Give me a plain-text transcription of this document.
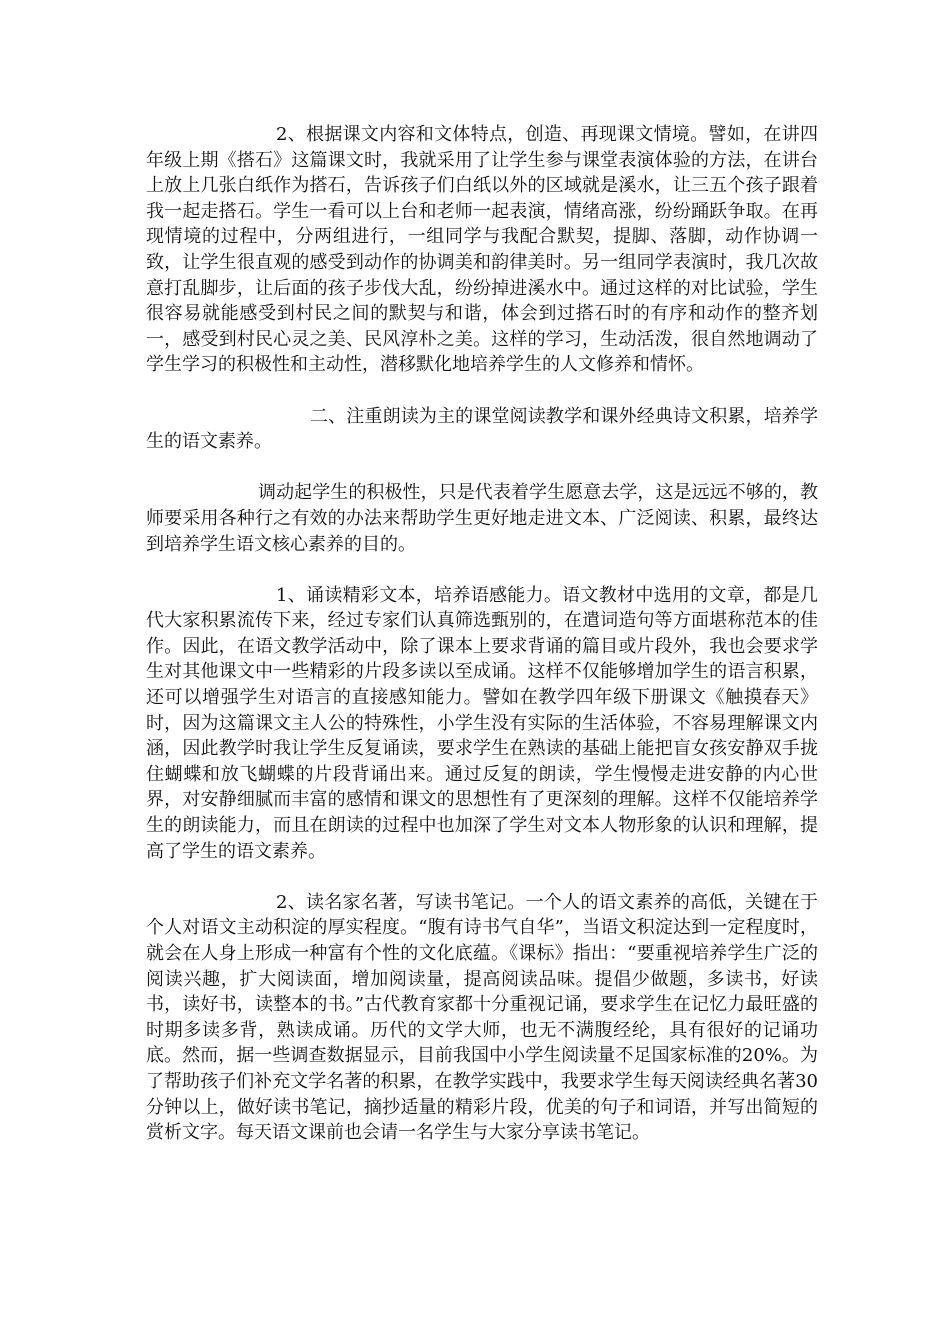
2、根据课文内容和文体特点，创造、再现课文情境。譬如，在讲四年级上期《搭石》这篇课文时，我就采用了让学生参与课堂表演体验的方法，在讲台上放上几张白纸作为搭石，告诉孩子们白纸以外的区域就是溪水，让三五个孩子跟着我一起走搭石。学生一看可以上台和老师一起表演，情绪高涨，纷纷踊跃争取。在再现情境的过程中，分两组进行，一组同学与我配合默契，提脚、落脚，动作协调一致，让学生很直观的感受到动作的协调美和韵律美时。另一组同学表演时，我几次故意打乱脚步，让后面的孩子步伐大乱，纷纷掉进溪水中。通过这样的对比试验，学生很容易就能感受到村民之间的默契与和谐，体会到过搭石时的有序和动作的整齐划一，感受到村民心灵之美、民风淳朴之美。这样的学习，生动活泼，很自然地调动了学生学习的积极性和主动性，潜移默化地培养学生的人文修养和情怀。

二、注重朗读为主的课堂阅读教学和课外经典诗文积累，培养学生的语文素养。

调动起学生的积极性，只是代表着学生愿意去学，这是远远不够的，教师要采用各种行之有效的办法来帮助学生更好地走进文本、广泛阅读、积累，最终达到培养学生语文核心素养的目的。

1、诵读精彩文本，培养语感能力。语文教材中选用的文章，都是几代大家积累流传下来，经过专家们认真筛选甄别的，在遣词造句等方面堪称范本的佳作。因此，在语文教学活动中，除了课本上要求背诵的篇目或片段外，我也会要求学生对其他课文中一些精彩的片段多读以至成诵。这样不仅能够增加学生的语言积累，还可以增强学生对语言的直接感知能力。譬如在教学四年级下册课文《触摸春天》时，因为这篇课文主人公的特殊性，小学生没有实际的生活体验，不容易理解课文内涵，因此教学时我让学生反复诵读，要求学生在熟读的基础上能把盲女孩安静双手拢住蝴蝶和放飞蝴蝶的片段背诵出来。通过反复的朗读，学生慢慢走进安静的内心世界，对安静细腻而丰富的感情和课文的思想性有了更深刻的理解。这样不仅能培养学生的朗读能力，而且在朗读的过程中也加深了学生对文本人物形象的认识和理解，提高了学生的语文素养。

2、读名家名著，写读书笔记。一个人的语文素养的高低，关键在于个人对语文主动积淀的厚实程度。“腹有诗书气自华”，当语文积淀达到一定程度时，就会在人身上形成一种富有个性的文化底蕴。《课标》指出：“要重视培养学生广泛的阅读兴趣，扩大阅读面，增加阅读量，提高阅读品味。提倡少做题，多读书，好读书，读好书，读整本的书。”古代教育家都十分重视记诵，要求学生在记忆力最旺盛的时期多读多背，熟读成诵。历代的文学大师，也无不满腹经纶，具有很好的记诵功底。然而，据一些调查数据显示，目前我国中小学生阅读量不足国家标准的20%。为了帮助孩子们补充文学名著的积累，在教学实践中，我要求学生每天阅读经典名著30分钟以上，做好读书笔记，摘抄适量的精彩片段，优美的句子和词语，并写出简短的赏析文字。每天语文课前也会请一名学生与大家分享读书笔记。
